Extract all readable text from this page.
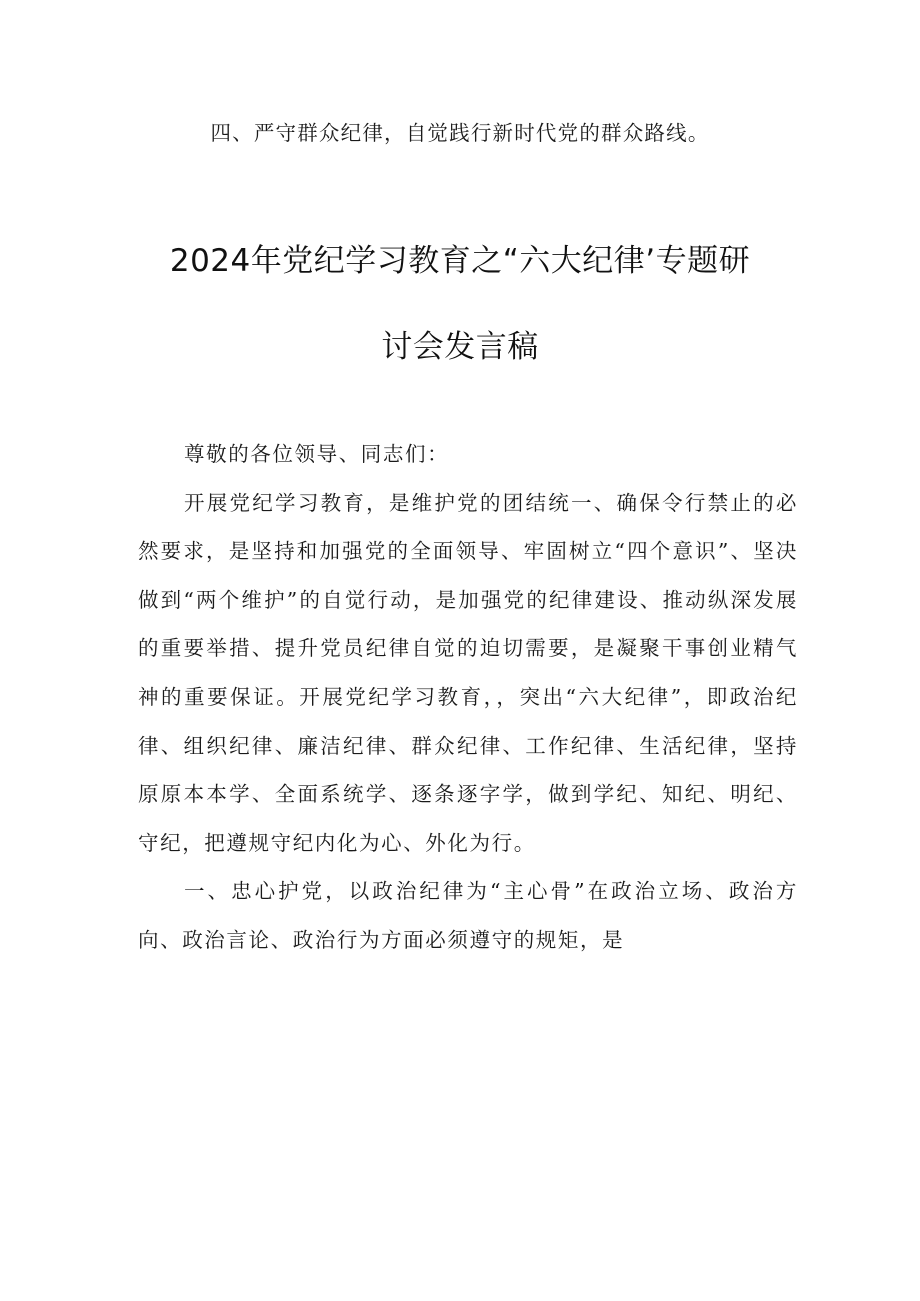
四、严守群众纪律，自觉践行新时代党的群众路线。
2024年党纪学习教育之“六大纪律’专题研
讨会发言稿

尊敬的各位领导、同志们：

开展党纪学习教育，是维护党的团结统一、确保令行禁止的必然要求，是坚持和加强党的全面领导、牢固树立“四个意识”、坚决做到“两个维护”的自觉行动，是加强党的纪律建设、推动纵深发展的重要举措、提升党员纪律自觉的迫切需要，是凝聚干事创业精气神的重要保证。开展党纪学习教育，，突出“六大纪律”，即政治纪律、组织纪律、廉洁纪律、群众纪律、工作纪律、生活纪律，坚持原原本本学、全面系统学、逐条逐字学，做到学纪、知纪、明纪、守纪，把遵规守纪内化为心、外化为行。

一、忠心护党，以政治纪律为“主心骨”在政治立场、政治方向、政治言论、政治行为方面必须遵守的规矩，是
